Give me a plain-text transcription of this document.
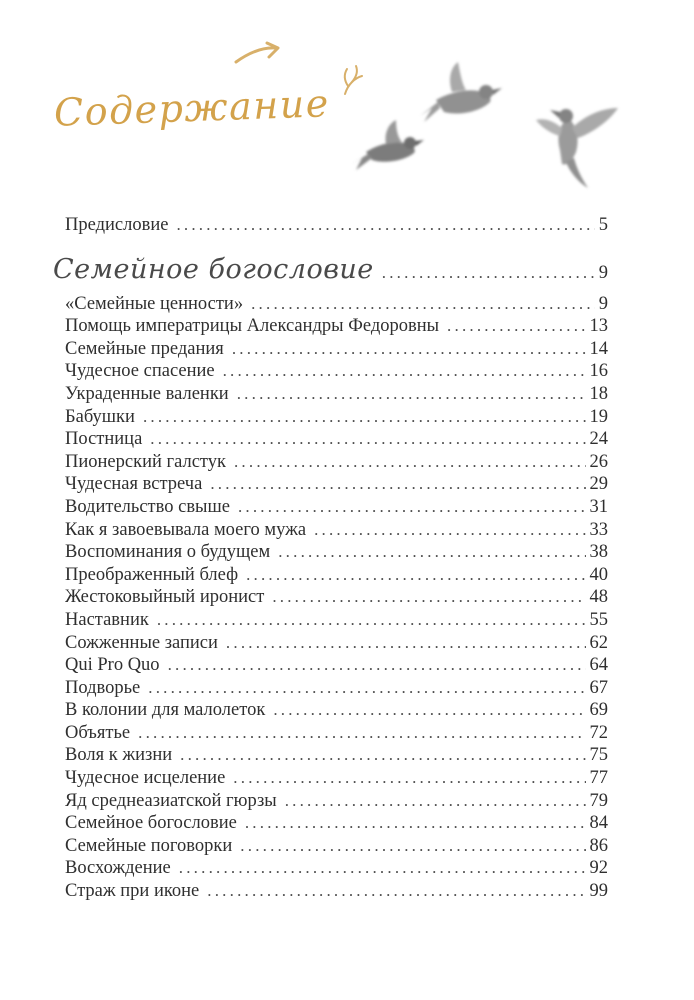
Содержание
Предисловие .....	5
Семейное богословие .....	9
«Семейные ценности» .....	9
Помощь императрицы Александры Федоровны .....	13
Семейные предания .....	14
Чудесное спасение .....	16
Украденные валенки .....	18
Бабушки .....	19
Постница .....	24
Пионерский галстук .....	26
Чудесная встреча .....	29
Водительство свыше .....	31
Как я завоевывала моего мужа .....	33
Воспоминания о будущем .....	38
Преображенный блеф .....	40
Жестоковыйный иронист .....	48
Наставник .....	55
Сожженные записи .....	62
Qui Pro Quo .....	64
Подворье .....	67
В колонии для малолеток .....	69
Объятье .....	72
Воля к жизни .....	75
Чудесное исцеление .....	77
Яд среднеазиатской гюрзы .....	79
Семейное богословие .....	84
Семейные поговорки .....	86
Восхождение .....	92
Страж при иконе .....	99
